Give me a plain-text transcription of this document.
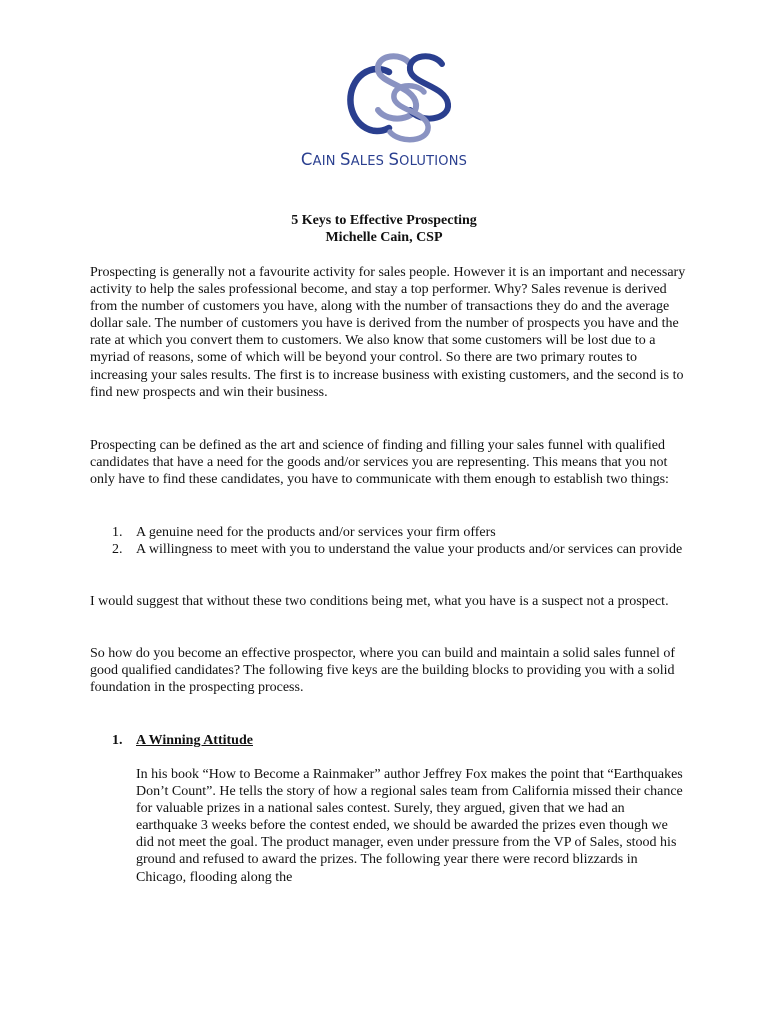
CAIN SALES SOLUTIONS
5 Keys to Effective Prospecting
Michelle Cain, CSP

Prospecting is generally not a favourite activity for sales people. However it is an important and necessary activity to help the sales professional become, and stay a top performer. Why? Sales revenue is derived from the number of customers you have, along with the number of transactions they do and the average dollar sale. The number of customers you have is derived from the number of prospects you have and the rate at which you convert them to customers. We also know that some customers will be lost due to a myriad of reasons, some of which will be beyond your control. So there are two primary routes to increasing your sales results. The first is to increase business with existing customers, and the second is to find new prospects and win their business.

Prospecting can be defined as the art and science of finding and filling your sales funnel with qualified candidates that have a need for the goods and/or services you are representing. This means that you not only have to find these candidates, you have to communicate with them enough to establish two things:

1. A genuine need for the products and/or services your firm offers
2. A willingness to meet with you to understand the value your products and/or services can provide

I would suggest that without these two conditions being met, what you have is a suspect not a prospect.

So how do you become an effective prospector, where you can build and maintain a solid sales funnel of good qualified candidates? The following five keys are the building blocks to providing you with a solid foundation in the prospecting process.

1. A Winning Attitude
In his book “How to Become a Rainmaker” author Jeffrey Fox makes the point that “Earthquakes Don’t Count”. He tells the story of how a regional sales team from California missed their chance for valuable prizes in a national sales contest. Surely, they argued, given that we had an earthquake 3 weeks before the contest ended, we should be awarded the prizes even though we did not meet the goal. The product manager, even under pressure from the VP of Sales, stood his ground and refused to award the prizes. The following year there were record blizzards in Chicago, flooding along the
